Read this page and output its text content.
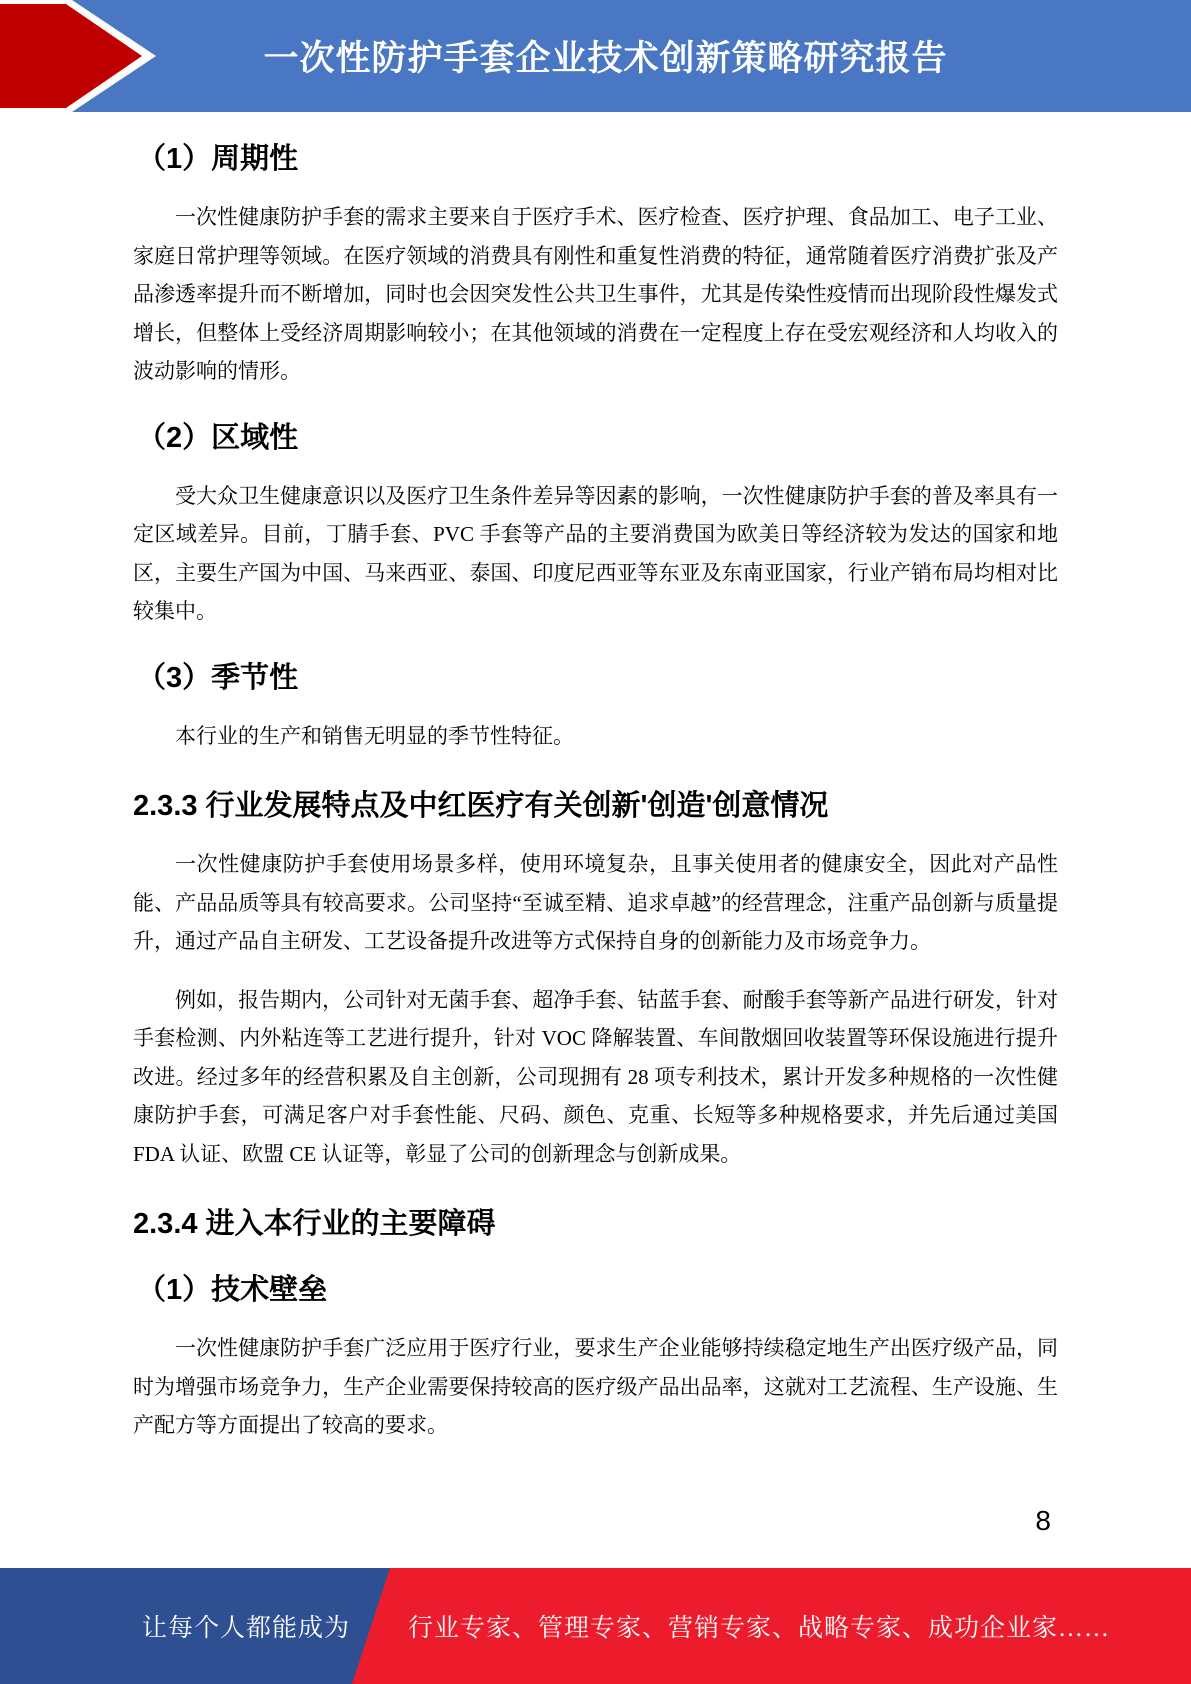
一次性防护手套企业技术创新策略研究报告
（1）周期性

一次性健康防护手套的需求主要来自于医疗手术、医疗检查、医疗护理、食品加工、电子工业、家庭日常护理等领域。在医疗领域的消费具有刚性和重复性消费的特征，通常随着医疗消费扩张及产品渗透率提升而不断增加，同时也会因突发性公共卫生事件，尤其是传染性疫情而出现阶段性爆发式增长，但整体上受经济周期影响较小；在其他领域的消费在一定程度上存在受宏观经济和人均收入的波动影响的情形。

（2）区域性

受大众卫生健康意识以及医疗卫生条件差异等因素的影响，一次性健康防护手套的普及率具有一定区域差异。目前，丁腈手套、PVC 手套等产品的主要消费国为欧美日等经济较为发达的国家和地区，主要生产国为中国、马来西亚、泰国、印度尼西亚等东亚及东南亚国家，行业产销布局均相对比较集中。

（3）季节性

本行业的生产和销售无明显的季节性特征。

2.3.3 行业发展特点及中红医疗有关创新'创造'创意情况

一次性健康防护手套使用场景多样，使用环境复杂，且事关使用者的健康安全，因此对产品性能、产品品质等具有较高要求。公司坚持“至诚至精、追求卓越”的经营理念，注重产品创新与质量提升，通过产品自主研发、工艺设备提升改进等方式保持自身的创新能力及市场竞争力。

例如，报告期内，公司针对无菌手套、超净手套、钴蓝手套、耐酸手套等新产品进行研发，针对手套检测、内外粘连等工艺进行提升，针对 VOC 降解装置、车间散烟回收装置等环保设施进行提升改进。经过多年的经营积累及自主创新，公司现拥有 28 项专利技术，累计开发多种规格的一次性健康防护手套，可满足客户对手套性能、尺码、颜色、克重、长短等多种规格要求，并先后通过美国 FDA 认证、欧盟 CE 认证等，彰显了公司的创新理念与创新成果。

2.3.4 进入本行业的主要障碍
（1）技术壁垒

一次性健康防护手套广泛应用于医疗行业，要求生产企业能够持续稳定地生产出医疗级产品，同时为增强市场竞争力，生产企业需要保持较高的医疗级产品出品率，这就对工艺流程、生产设施、生产配方等方面提出了较高的要求。

8
让每个人都能成为	行业专家、管理专家、营销专家、战略专家、成功企业家……
